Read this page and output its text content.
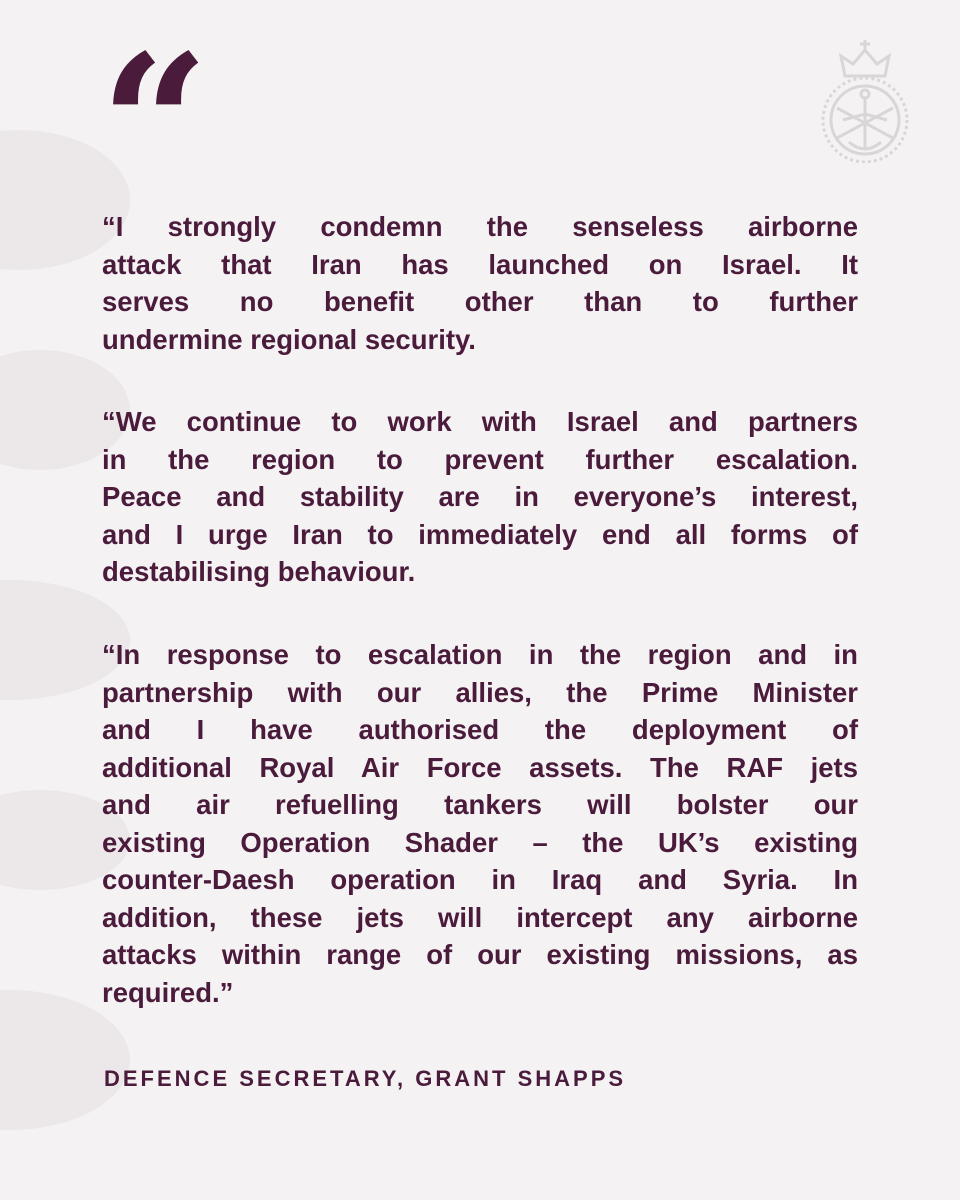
“
“I strongly condemn the senseless airborne
attack that Iran has launched on Israel. It
serves no benefit other than to further
undermine regional security.
“We continue to work with Israel and partners
in the region to prevent further escalation.
Peace and stability are in everyone’s interest,
and I urge Iran to immediately end all forms of
destabilising behaviour.
“In response to escalation in the region and in
partnership with our allies, the Prime Minister
and I have authorised the deployment of
additional Royal Air Force assets. The RAF jets
and air refuelling tankers will bolster our
existing Operation Shader – the UK’s existing
counter-Daesh operation in Iraq and Syria. In
addition, these jets will intercept any airborne
attacks within range of our existing missions, as
required.”
DEFENCE SECRETARY, GRANT SHAPPS
